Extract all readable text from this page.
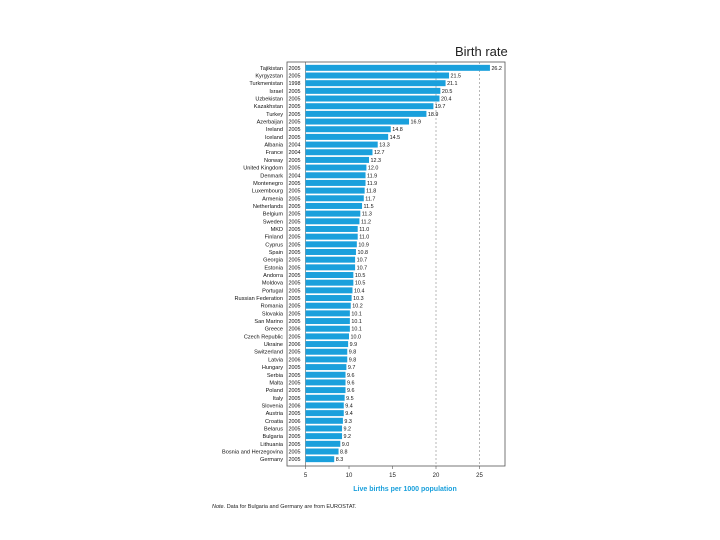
Birth rate
5	10	15	20	25
Tajikistan 2005	26.2
Kyrgyzstan 2005	21.5
Turkmenistan 1998	21.1
Israel 2005	20.5
Uzbekistan 2005	20.4
Kazakhstan 2005	19.7
Turkey 2005	18.9
Azerbaijan 2005	16.9
Ireland 2005	14.8
Iceland 2005	14.5
Albania 2004	13.3
France 2004	12.7
Norway 2005	12.3
United Kingdom 2005	12.0
Denmark 2004	11.9
Montenegro 2005	11.9
Luxembourg 2005	11.8
Armenia 2005	11.7
Netherlands 2005	11.5
Belgium 2005	11.3
Sweden 2005	11.2
MKD 2005	11.0
Finland 2005	11.0
Cyprus 2005	10.9
Spain 2005	10.8
Georgia 2005	10.7
Estonia 2005	10.7
Andorra 2005	10.5
Moldova 2005	10.5
Portugal 2005	10.4
Russian Federation 2005	10.3
Romania 2005	10.2
Slovakia 2005	10.1
San Marino 2005	10.1
Greece 2006	10.1
Czech Republic 2005	10.0
Ukraine 2006	9.9
Switzerland 2005	9.8
Latvia 2006	9.8
Hungary 2005	9.7
Serbia 2005	9.6
Malta 2005	9.6
Poland 2005	9.6
Italy 2005	9.5
Slovenia 2006	9.4
Austria 2005	9.4
Croatia 2006	9.3
Belarus 2005	9.2
Bulgaria 2005	9.2
Lithuania 2005	9.0
Bosnia and Herzegovina 2005	8.8
Germany 2005	8.3
Live births per 1000 population
Note. Data for Bulgaria and Germany are from EUROSTAT.
